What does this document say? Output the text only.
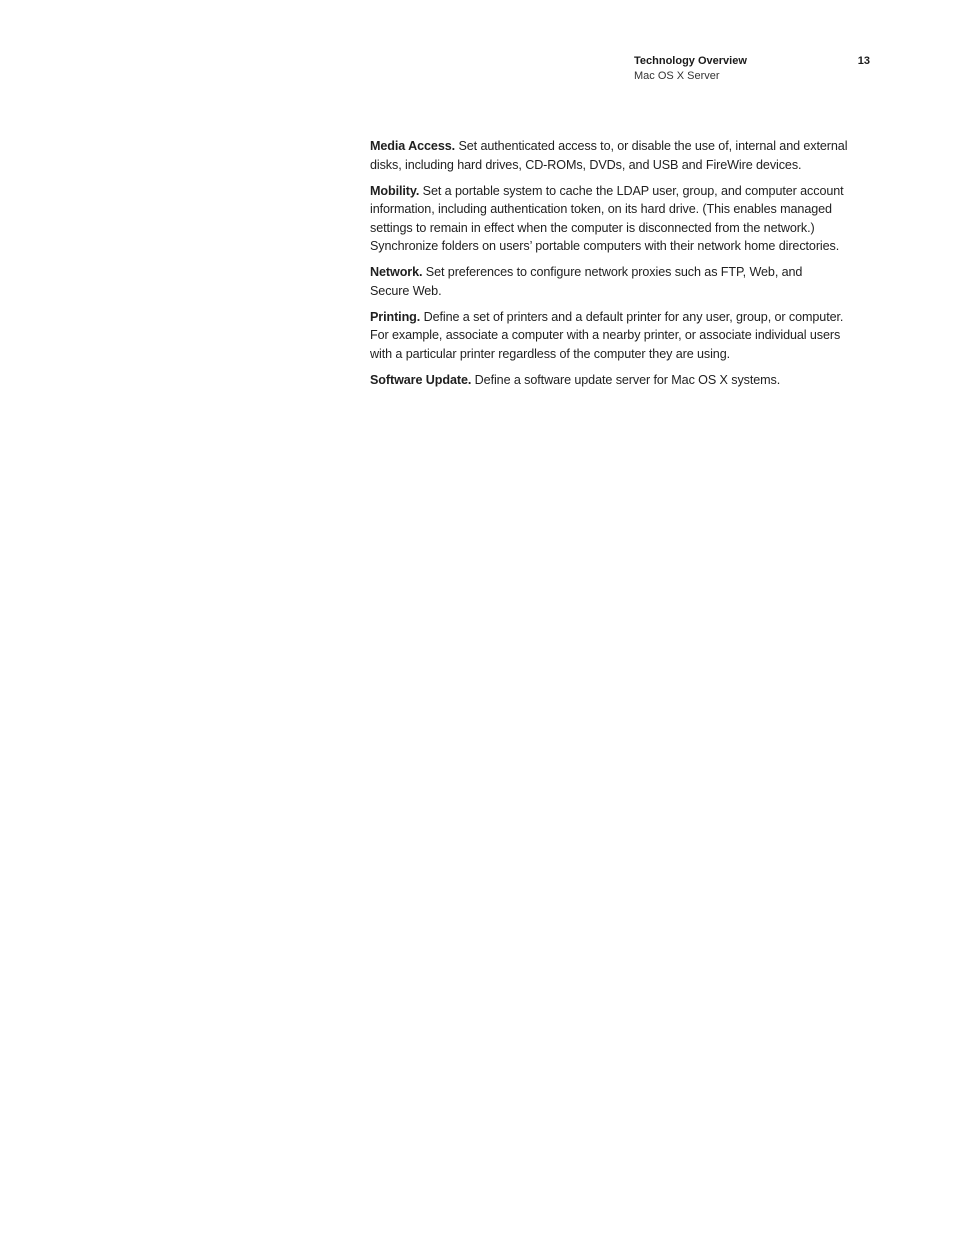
Technology Overview
Mac OS X Server
13

Media Access. Set authenticated access to, or disable the use of, internal and external
disks, including hard drives, CD-ROMs, DVDs, and USB and FireWire devices.

Mobility. Set a portable system to cache the LDAP user, group, and computer account
information, including authentication token, on its hard drive. (This enables managed
settings to remain in effect when the computer is disconnected from the network.)
Synchronize folders on users’ portable computers with their network home directories.

Network. Set preferences to configure network proxies such as FTP, Web, and
Secure Web.

Printing. Define a set of printers and a default printer for any user, group, or computer.
For example, associate a computer with a nearby printer, or associate individual users
with a particular printer regardless of the computer they are using.

Software Update. Define a software update server for Mac OS X systems.
